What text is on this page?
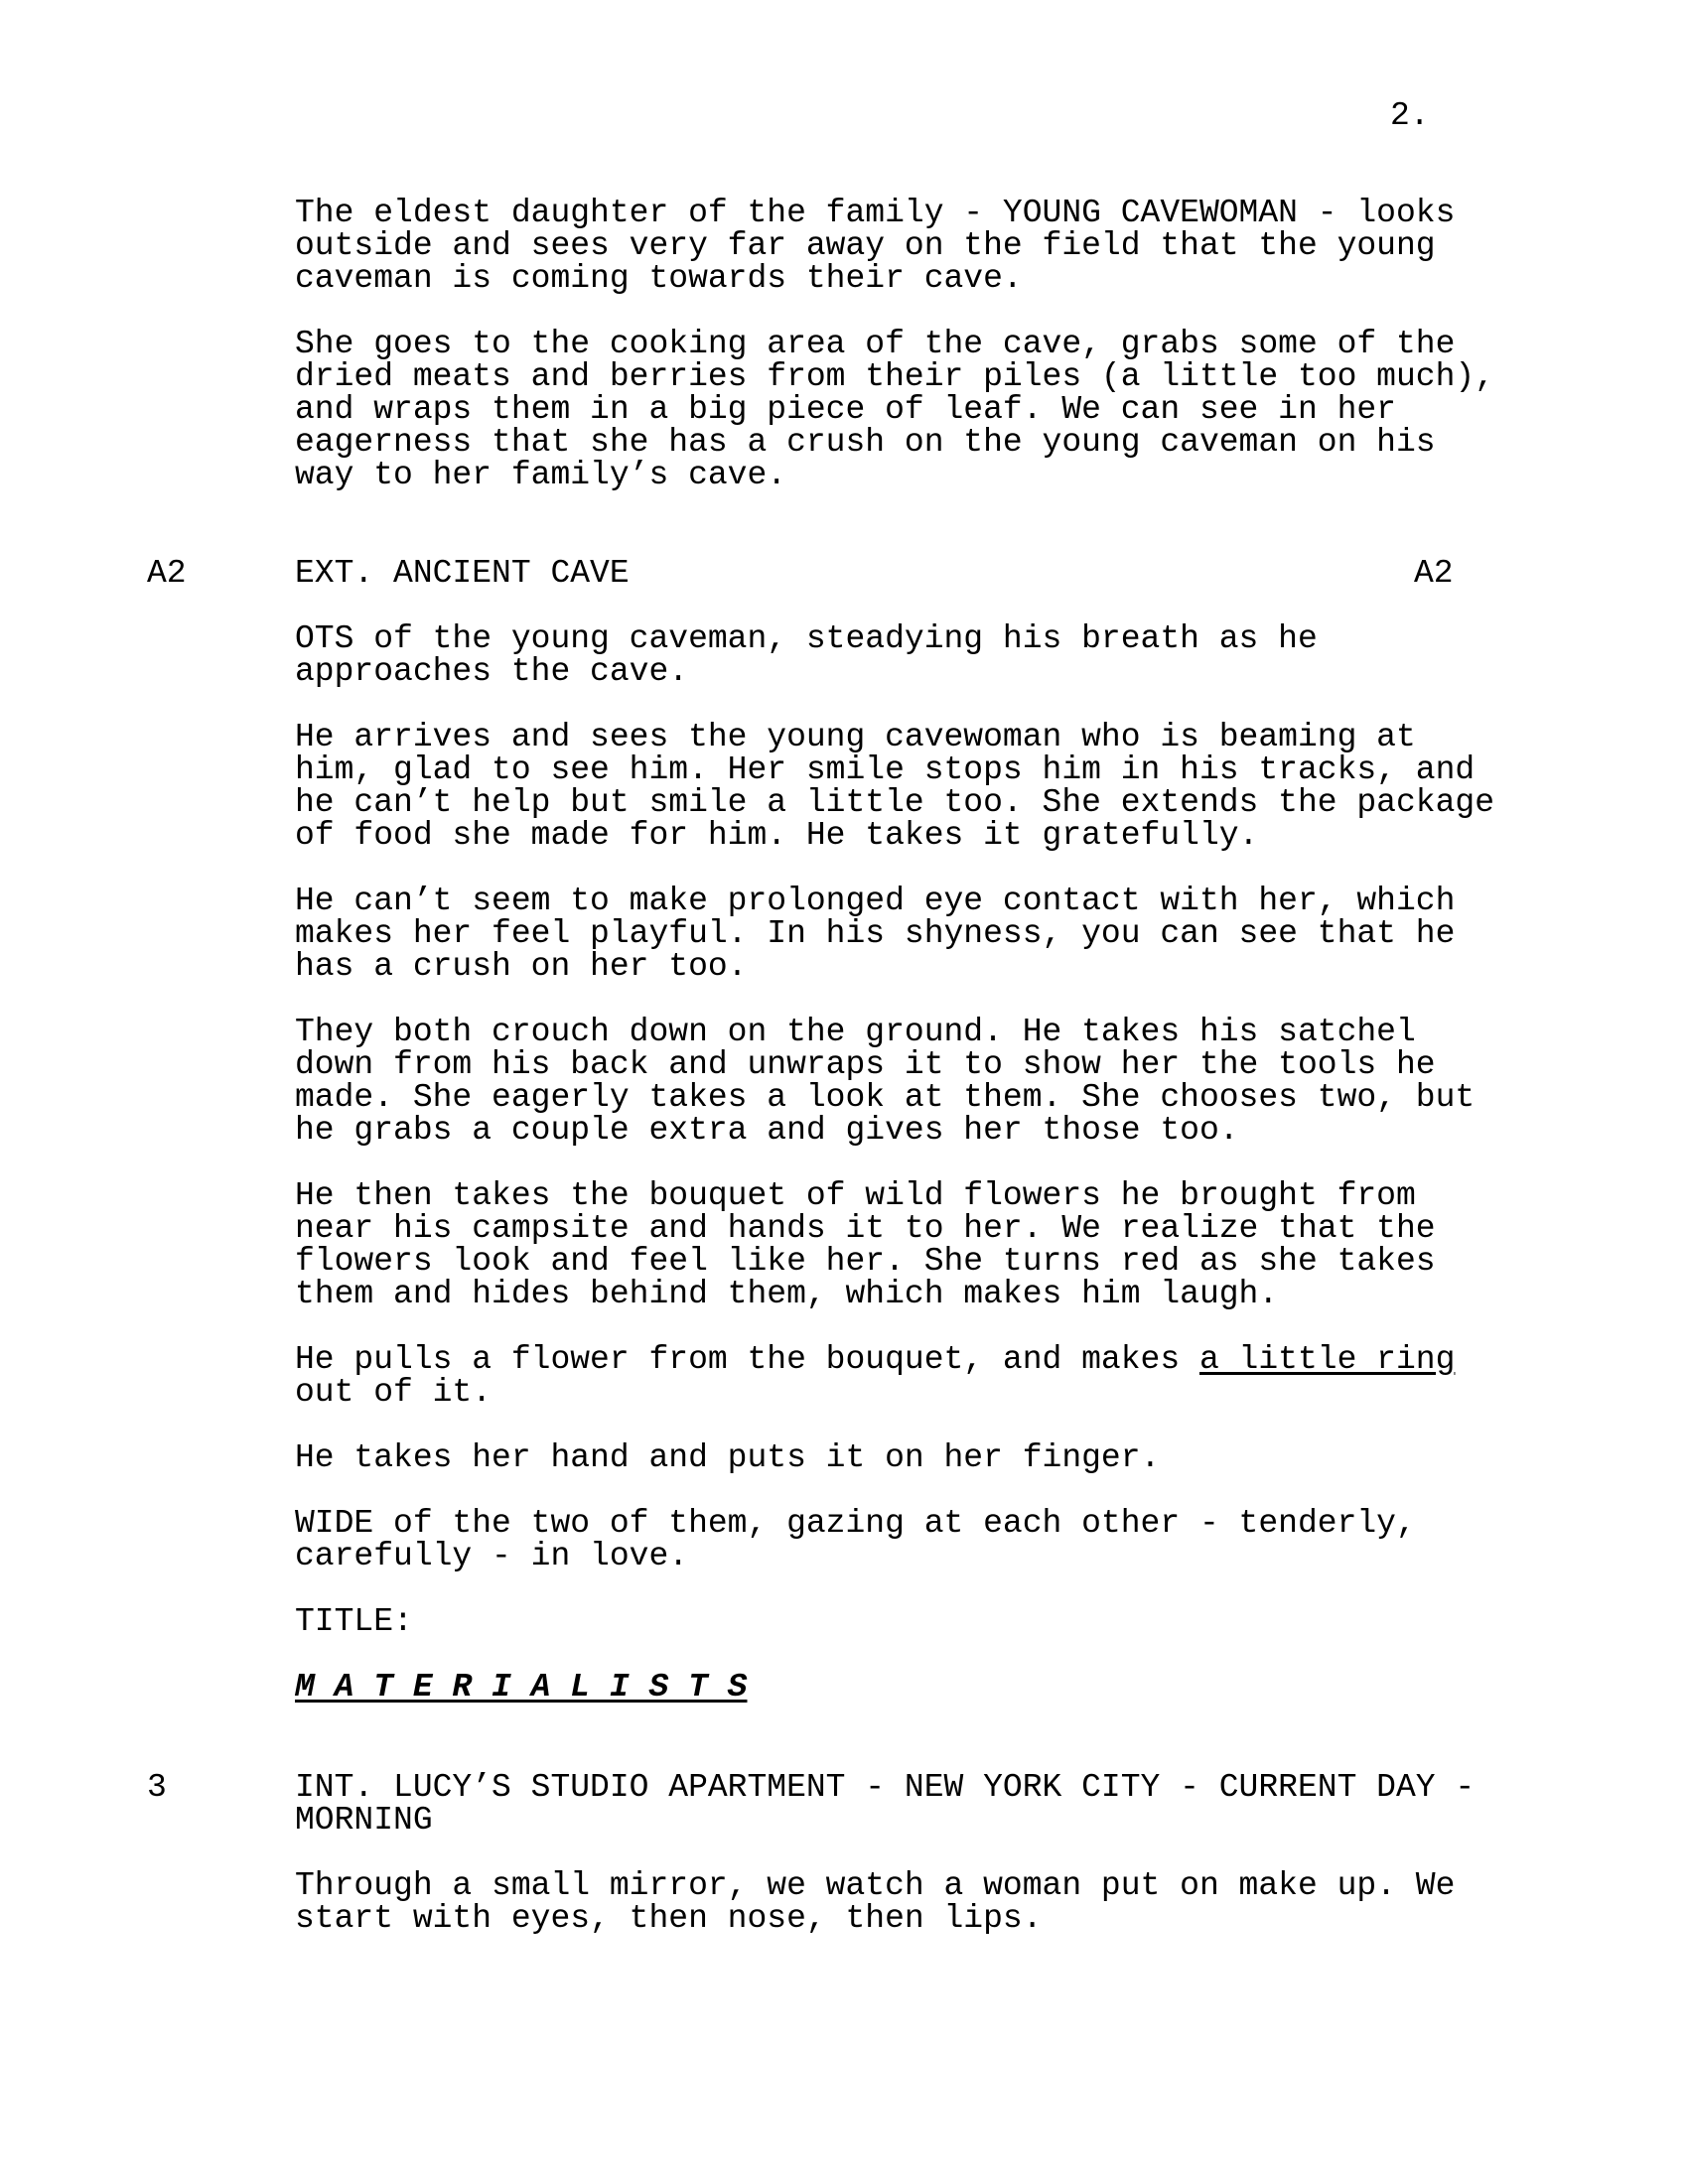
2.
The eldest daughter of the family - YOUNG CAVEWOMAN - looks
outside and sees very far away on the field that the young
caveman is coming towards their cave.
She goes to the cooking area of the cave, grabs some of the
dried meats and berries from their piles (a little too much),
and wraps them in a big piece of leaf. We can see in her
eagerness that she has a crush on the young caveman on his
way to her family’s cave.
A2	EXT. ANCIENT CAVE	A2
OTS of the young caveman, steadying his breath as he
approaches the cave.
He arrives and sees the young cavewoman who is beaming at
him, glad to see him. Her smile stops him in his tracks, and
he can’t help but smile a little too. She extends the package
of food she made for him. He takes it gratefully.
He can’t seem to make prolonged eye contact with her, which
makes her feel playful. In his shyness, you can see that he
has a crush on her too.
They both crouch down on the ground. He takes his satchel
down from his back and unwraps it to show her the tools he
made. She eagerly takes a look at them. She chooses two, but
he grabs a couple extra and gives her those too.
He then takes the bouquet of wild flowers he brought from
near his campsite and hands it to her. We realize that the
flowers look and feel like her. She turns red as she takes
them and hides behind them, which makes him laugh.
He pulls a flower from the bouquet, and makes a little ring
out of it.
He takes her hand and puts it on her finger.
WIDE of the two of them, gazing at each other - tenderly,
carefully - in love.
TITLE:
M A T E R I A L I S T S
3	INT. LUCY’S STUDIO APARTMENT - NEW YORK CITY - CURRENT DAY -
MORNING
Through a small mirror, we watch a woman put on make up. We
start with eyes, then nose, then lips.
